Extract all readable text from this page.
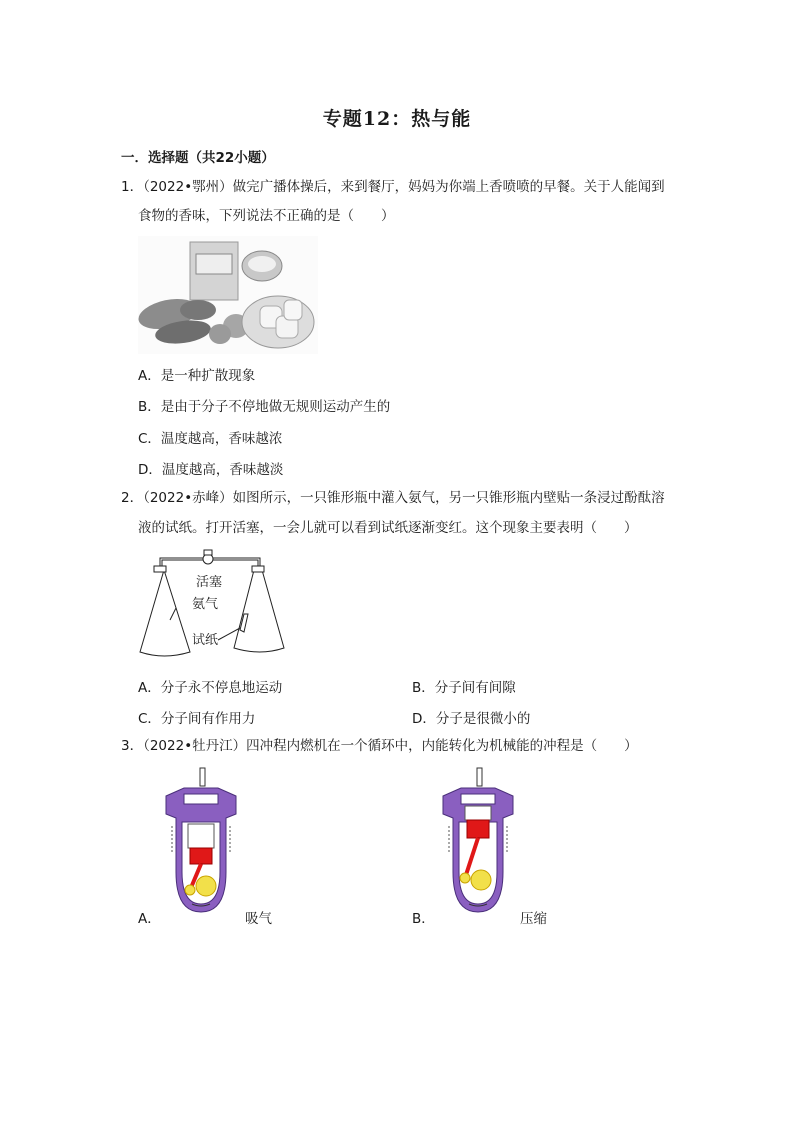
专题12：热与能
一．选择题（共22小题）
1．（2022•鄂州）做完广播体操后，来到餐厅，妈妈为你端上香喷喷的早餐。关于人能闻到
食物的香味，下列说法不正确的是（　　）
A．是一种扩散现象
B．是由于分子不停地做无规则运动产生的
C．温度越高，香味越浓
D．温度越高，香味越淡
2．（2022•赤峰）如图所示，一只锥形瓶中灌入氨气，另一只锥形瓶内壁贴一条浸过酚酞溶
液的试纸。打开活塞，一会儿就可以看到试纸逐渐变红。这个现象主要表明（　　）
活塞
氨气
试纸
A．分子永不停息地运动	B．分子间有间隙
C．分子间有作用力	D．分子是很微小的
3．（2022•牡丹江）四冲程内燃机在一个循环中，内能转化为机械能的冲程是（　　）
A．	吸气	B．	压缩
